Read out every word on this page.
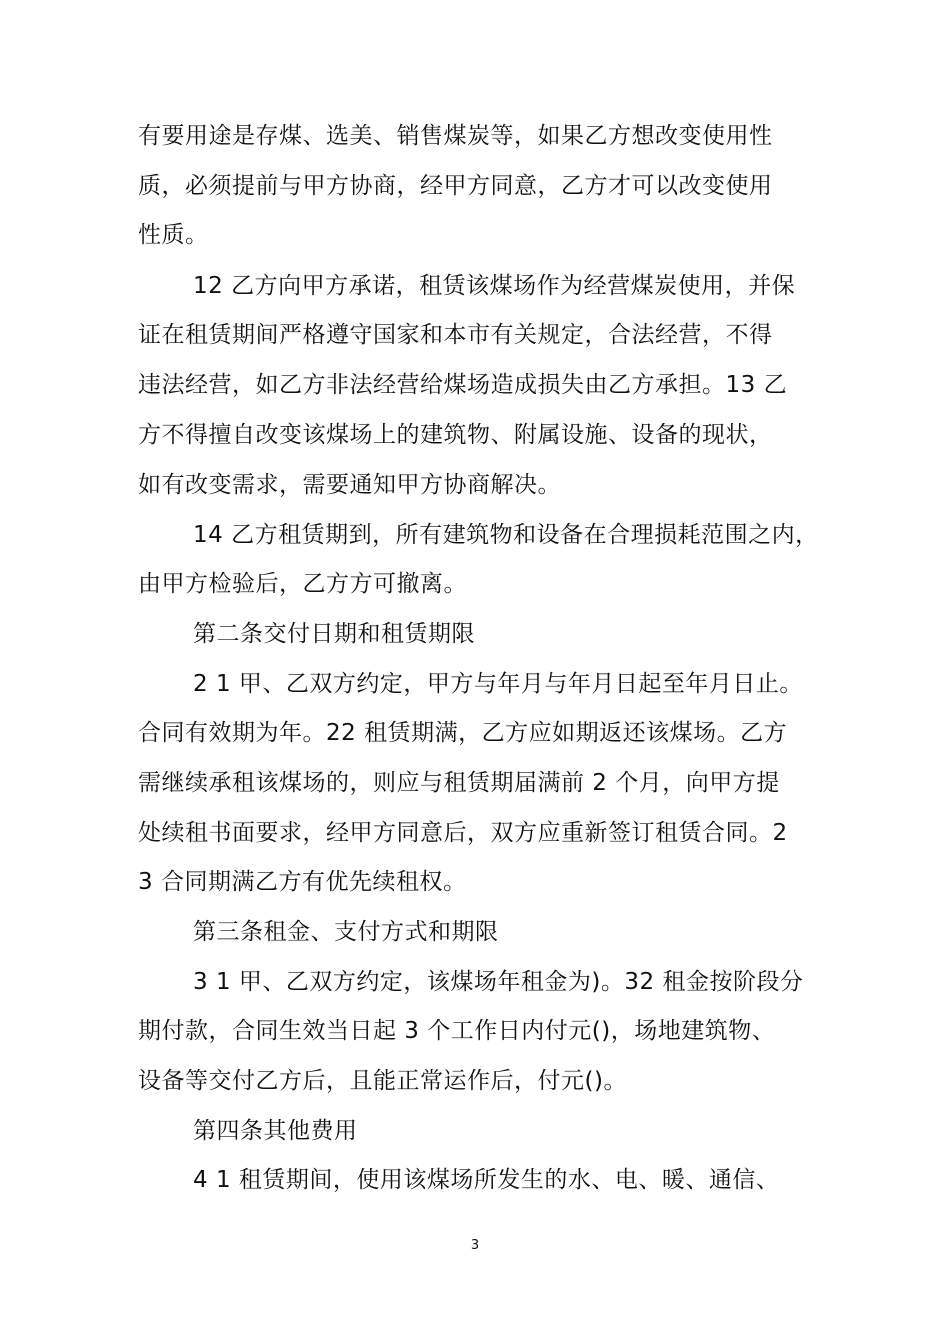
有要用途是存煤、选美、销售煤炭等，如果乙方想改变使用性
质，必须提前与甲方协商，经甲方同意，乙方才可以改变使用
性质。
12 乙方向甲方承诺，租赁该煤场作为经营煤炭使用，并保
证在租赁期间严格遵守国家和本市有关规定，合法经营，不得
违法经营，如乙方非法经营给煤场造成损失由乙方承担。13 乙
方不得擅自改变该煤场上的建筑物、附属设施、设备的现状，
如有改变需求，需要通知甲方协商解决。
14 乙方租赁期到，所有建筑物和设备在合理损耗范围之内，
由甲方检验后，乙方方可撤离。
第二条交付日期和租赁期限
2 1 甲、乙双方约定，甲方与年月与年月日起至年月日止。
合同有效期为年。22 租赁期满，乙方应如期返还该煤场。乙方
需继续承租该煤场的，则应与租赁期届满前 2 个月，向甲方提
处续租书面要求，经甲方同意后，双方应重新签订租赁合同。2
3 合同期满乙方有优先续租权。
第三条租金、支付方式和期限
3 1 甲、乙双方约定，该煤场年租金为)。32 租金按阶段分
期付款，合同生效当日起 3 个工作日内付元()，场地建筑物、
设备等交付乙方后，且能正常运作后，付元()。
第四条其他费用
4 1 租赁期间，使用该煤场所发生的水、电、暖、通信、
3
